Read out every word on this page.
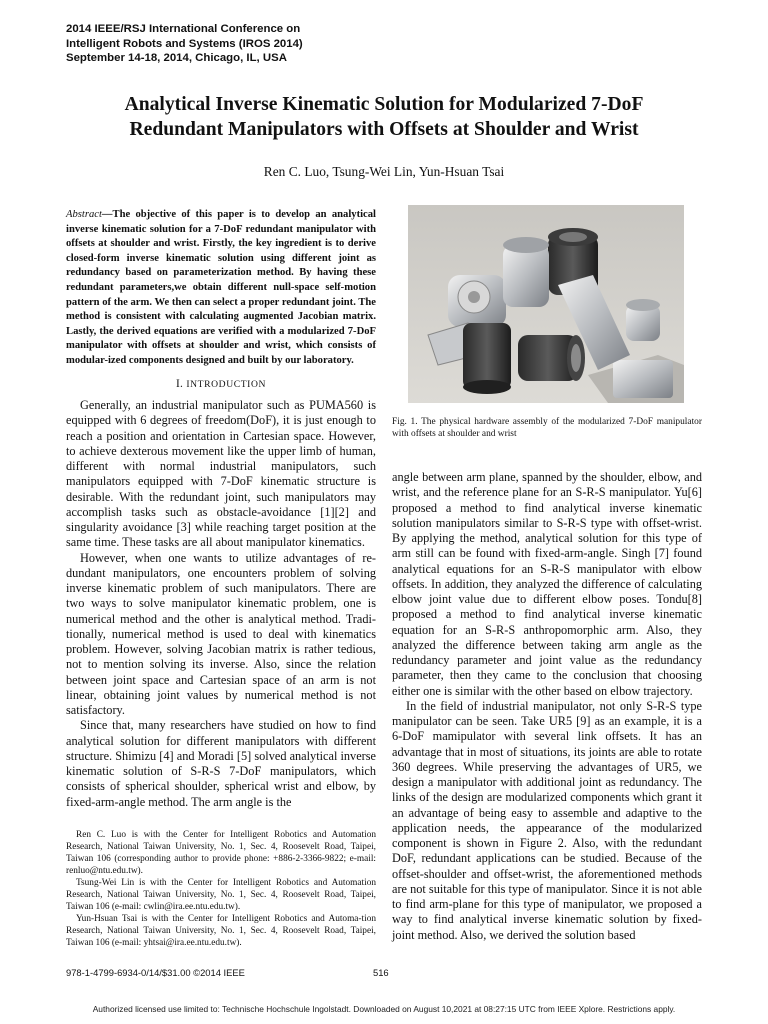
2014 IEEE/RSJ International Conference on
Intelligent Robots and Systems (IROS 2014)
September 14-18, 2014, Chicago, IL, USA
Analytical Inverse Kinematic Solution for Modularized 7-DoF
Redundant Manipulators with Offsets at Shoulder and Wrist
Ren C. Luo, Tsung-Wei Lin, Yun-Hsuan Tsai
Abstract—The objective of this paper is to develop an analytical inverse kinematic solution for a 7-DoF redundant manipulator with offsets at shoulder and wrist. Firstly, the key ingredient is to derive closed-form inverse kinematic solution using different joint as redundancy based on parameterization method. By having these redundant parameters,we obtain different null-space self-motion pattern of the arm. We then can select a proper redundant joint. The method is consistent with calculating augmented Jacobian matrix. Lastly, the derived equations are verified with a modularized 7-DoF manipulator with offsets at shoulder and wrist, which consists of modular-ized components designed and built by our laboratory.
I. INTRODUCTION

Generally, an industrial manipulator such as PUMA560 is equipped with 6 degrees of freedom(DoF), it is just enough to reach a position and orientation in Cartesian space. However, to achieve dexterous movement like the upper limb of human, different with normal industrial manipulators, such manipulators equipped with 7-DoF kinematic structure is desirable. With the redundant joint, such manipulators may accomplish tasks such as obstacle-avoidance [1][2] and singularity avoidance [3] while reaching target position at the same time. These tasks are all about manipulator kinematics.

However, when one wants to utilize advantages of re-dundant manipulators, one encounters problem of solving inverse kinematic problem of such manipulators. There are two ways to solve manipulator kinematic problem, one is numerical method and the other is analytical method. Tradi-tionally, numerical method is used to deal with kinematics problem. However, solving Jacobian matrix is rather tedious, not to mention solving its inverse. Also, since the relation between joint space and Cartesian space of an arm is not linear, obtaining joint values by numerical method is not satisfactory.

Since that, many researchers have studied on how to find analytical solution for different manipulators with different structure. Shimizu [4] and Moradi [5] solved analytical inverse kinematic solution of S-R-S 7-DoF manipulators, which consists of spherical shoulder, spherical wrist and elbow, by fixed-arm-angle method. The arm angle is the

Ren C. Luo is with the Center for Intelligent Robotics and Automation Research, National Taiwan University, No. 1, Sec. 4, Roosevelt Road, Taipei, Taiwan 106 (corresponding author to provide phone: +886-2-3366-9822; e-mail: renluo@ntu.edu.tw).

Tsung-Wei Lin is with the Center for Intelligent Robotics and Automation Research, National Taiwan University, No. 1, Sec. 4, Roosevelt Road, Taipei, Taiwan 106 (e-mail: cwlin@ira.ee.ntu.edu.tw).

Yun-Hsuan Tsai is with the Center for Intelligent Robotics and Automa-tion Research, National Taiwan University, No. 1, Sec. 4, Roosevelt Road, Taipei, Taiwan 106 (e-mail: yhtsai@ira.ee.ntu.edu.tw).

Fig. 1. The physical hardware assembly of the modularized 7-DoF manipulator with offsets at shoulder and wrist

angle between arm plane, spanned by the shoulder, elbow, and wrist, and the reference plane for an S-R-S manipulator. Yu[6] proposed a method to find analytical inverse kinematic solution manipulators similar to S-R-S type with offset-wrist. By applying the method, analytical solution for this type of arm still can be found with fixed-arm-angle. Singh [7] found analytical equations for an S-R-S manipulator with elbow offsets. In addition, they analyzed the difference of calculating elbow joint value due to different elbow poses. Tondu[8] proposed a method to find analytical inverse kinematic equation for an S-R-S anthropomorphic arm. Also, they analyzed the difference between taking arm angle as the redundancy parameter and joint value as the redundancy parameter, then they came to the conclusion that choosing either one is similar with the other based on elbow trajectory.

In the field of industrial manipulator, not only S-R-S type manipulator can be seen. Take UR5 [9] as an example, it is a 6-DoF mamipulator with several link offsets. It has an advantage that in most of situations, its joints are able to rotate 360 degrees. While preserving the advantages of UR5, we design a manipulator with additional joint as redundancy. The links of the design are modularized components which grant it an advantage of being easy to assemble and adaptive to the application needs, the appearance of the modularized component is shown in Figure 2. Also, with the redundant DoF, redundant applications can be studied. Because of the offset-shoulder and offset-wrist, the aforementioned methods are not suitable for this type of manipulator. Since it is not able to find arm-plane for this type of manipulator, we proposed a way to find analytical inverse kinematic solution by fixed-joint method. Also, we derived the solution based

978-1-4799-6934-0/14/$31.00 ©2014 IEEE	516
Authorized licensed use limited to: Technische Hochschule Ingolstadt. Downloaded on August 10,2021 at 08:27:15 UTC from IEEE Xplore. Restrictions apply.
